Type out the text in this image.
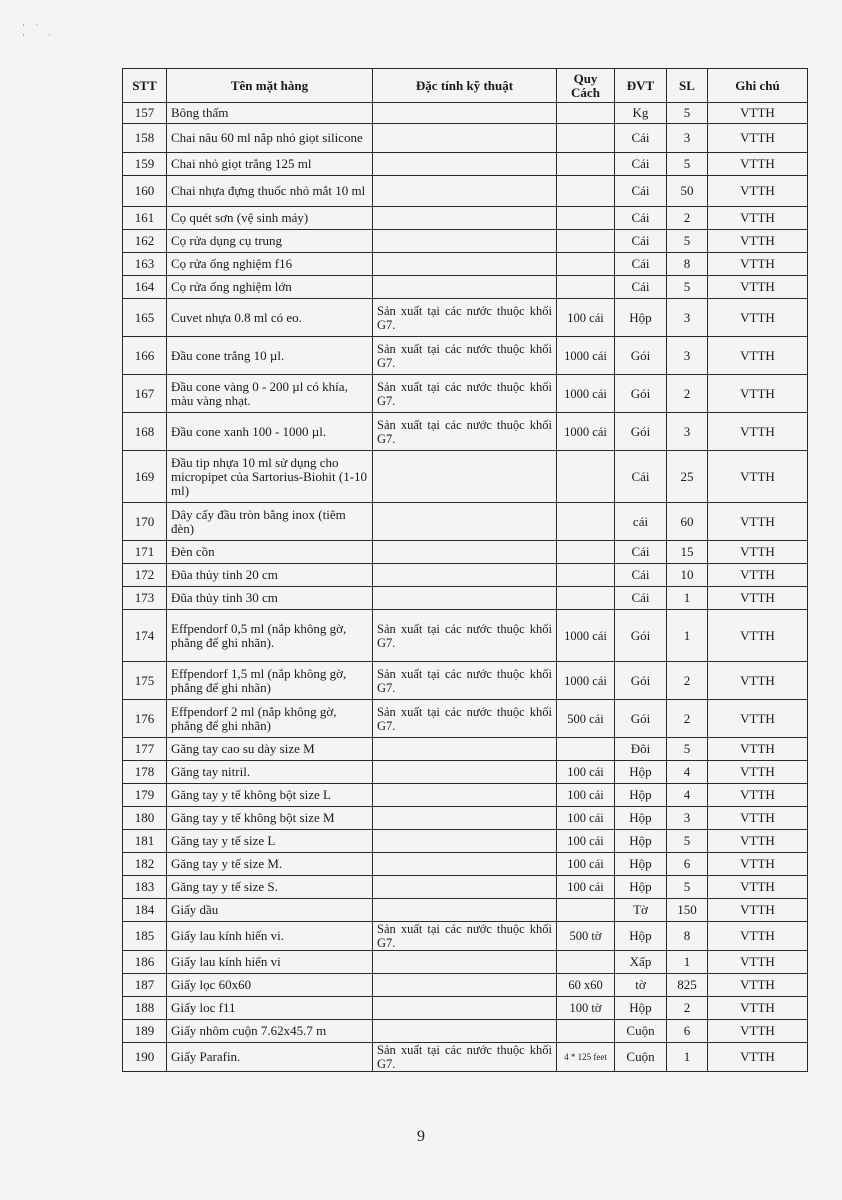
· ·
·   ·
STT	Tên mặt hàng	Đặc tính kỹ thuật	Quy Cách	ĐVT	SL	Ghi chú
157	Bông thấm			Kg	5	VTTH
158	Chai nâu 60 ml nắp nhỏ giọt silicone			Cái	3	VTTH
159	Chai nhỏ giọt trắng 125 ml			Cái	5	VTTH
160	Chai nhựa đựng thuốc nhỏ mắt 10 ml			Cái	50	VTTH
161	Cọ quét sơn (vệ sinh máy)			Cái	2	VTTH
162	Cọ rửa dụng cụ trung			Cái	5	VTTH
163	Cọ rửa ống nghiệm f16			Cái	8	VTTH
164	Cọ rửa ống nghiệm lớn			Cái	5	VTTH
165	Cuvet nhựa 0.8 ml có eo.	Sản xuất tại các nước thuộc khối G7.	100 cái	Hộp	3	VTTH
166	Đầu cone trắng 10 µl.	Sản xuất tại các nước thuộc khối G7.	1000 cái	Gói	3	VTTH
167	Đầu cone vàng 0 - 200 µl có khía, màu vàng nhạt.	Sản xuất tại các nước thuộc khối G7.	1000 cái	Gói	2	VTTH
168	Đầu cone xanh 100 - 1000 µl.	Sản xuất tại các nước thuộc khối G7.	1000 cái	Gói	3	VTTH
169	Đầu tip nhựa 10 ml sử dụng cho micropipet của Sartorius-Biohit (1-10 ml)			Cái	25	VTTH
170	Dây cấy đầu tròn bằng inox (tiêm đèn)			cái	60	VTTH
171	Đèn cồn			Cái	15	VTTH
172	Đũa thủy tinh 20 cm			Cái	10	VTTH
173	Đũa thủy tinh 30 cm			Cái	1	VTTH
174	Effpendorf 0,5 ml (nắp không gờ, phẳng để ghi nhãn).	Sản xuất tại các nước thuộc khối G7.	1000 cái	Gói	1	VTTH
175	Effpendorf 1,5 ml (nắp không gờ, phẳng để ghi nhãn)	Sản xuất tại các nước thuộc khối G7.	1000 cái	Gói	2	VTTH
176	Effpendorf 2 ml (nắp không gờ, phẳng để ghi nhãn)	Sản xuất tại các nước thuộc khối G7.	500 cái	Gói	2	VTTH
177	Găng tay cao su dày size M			Đôi	5	VTTH
178	Găng tay nitril.		100 cái	Hộp	4	VTTH
179	Găng tay y tế không bột size L		100 cái	Hộp	4	VTTH
180	Găng tay y tế không bột size M		100 cái	Hộp	3	VTTH
181	Găng tay y tế size L		100 cái	Hộp	5	VTTH
182	Găng tay y tế size M.		100 cái	Hộp	6	VTTH
183	Găng tay y tế size S.		100 cái	Hộp	5	VTTH
184	Giấy dầu			Tờ	150	VTTH
185	Giấy lau kính hiển vi.	Sản xuất tại các nước thuộc khối G7.	500 tờ	Hộp	8	VTTH
186	Giấy lau kính hiển vi			Xấp	1	VTTH
187	Giấy lọc 60x60		60 x60	tờ	825	VTTH
188	Giấy loc f11		100 tờ	Hộp	2	VTTH
189	Giấy nhôm cuộn 7.62x45.7 m			Cuộn	6	VTTH
190	Giấy Parafin.	Sản xuất tại các nước thuộc khối G7.	4 * 125 feet	Cuộn	1	VTTH
9
